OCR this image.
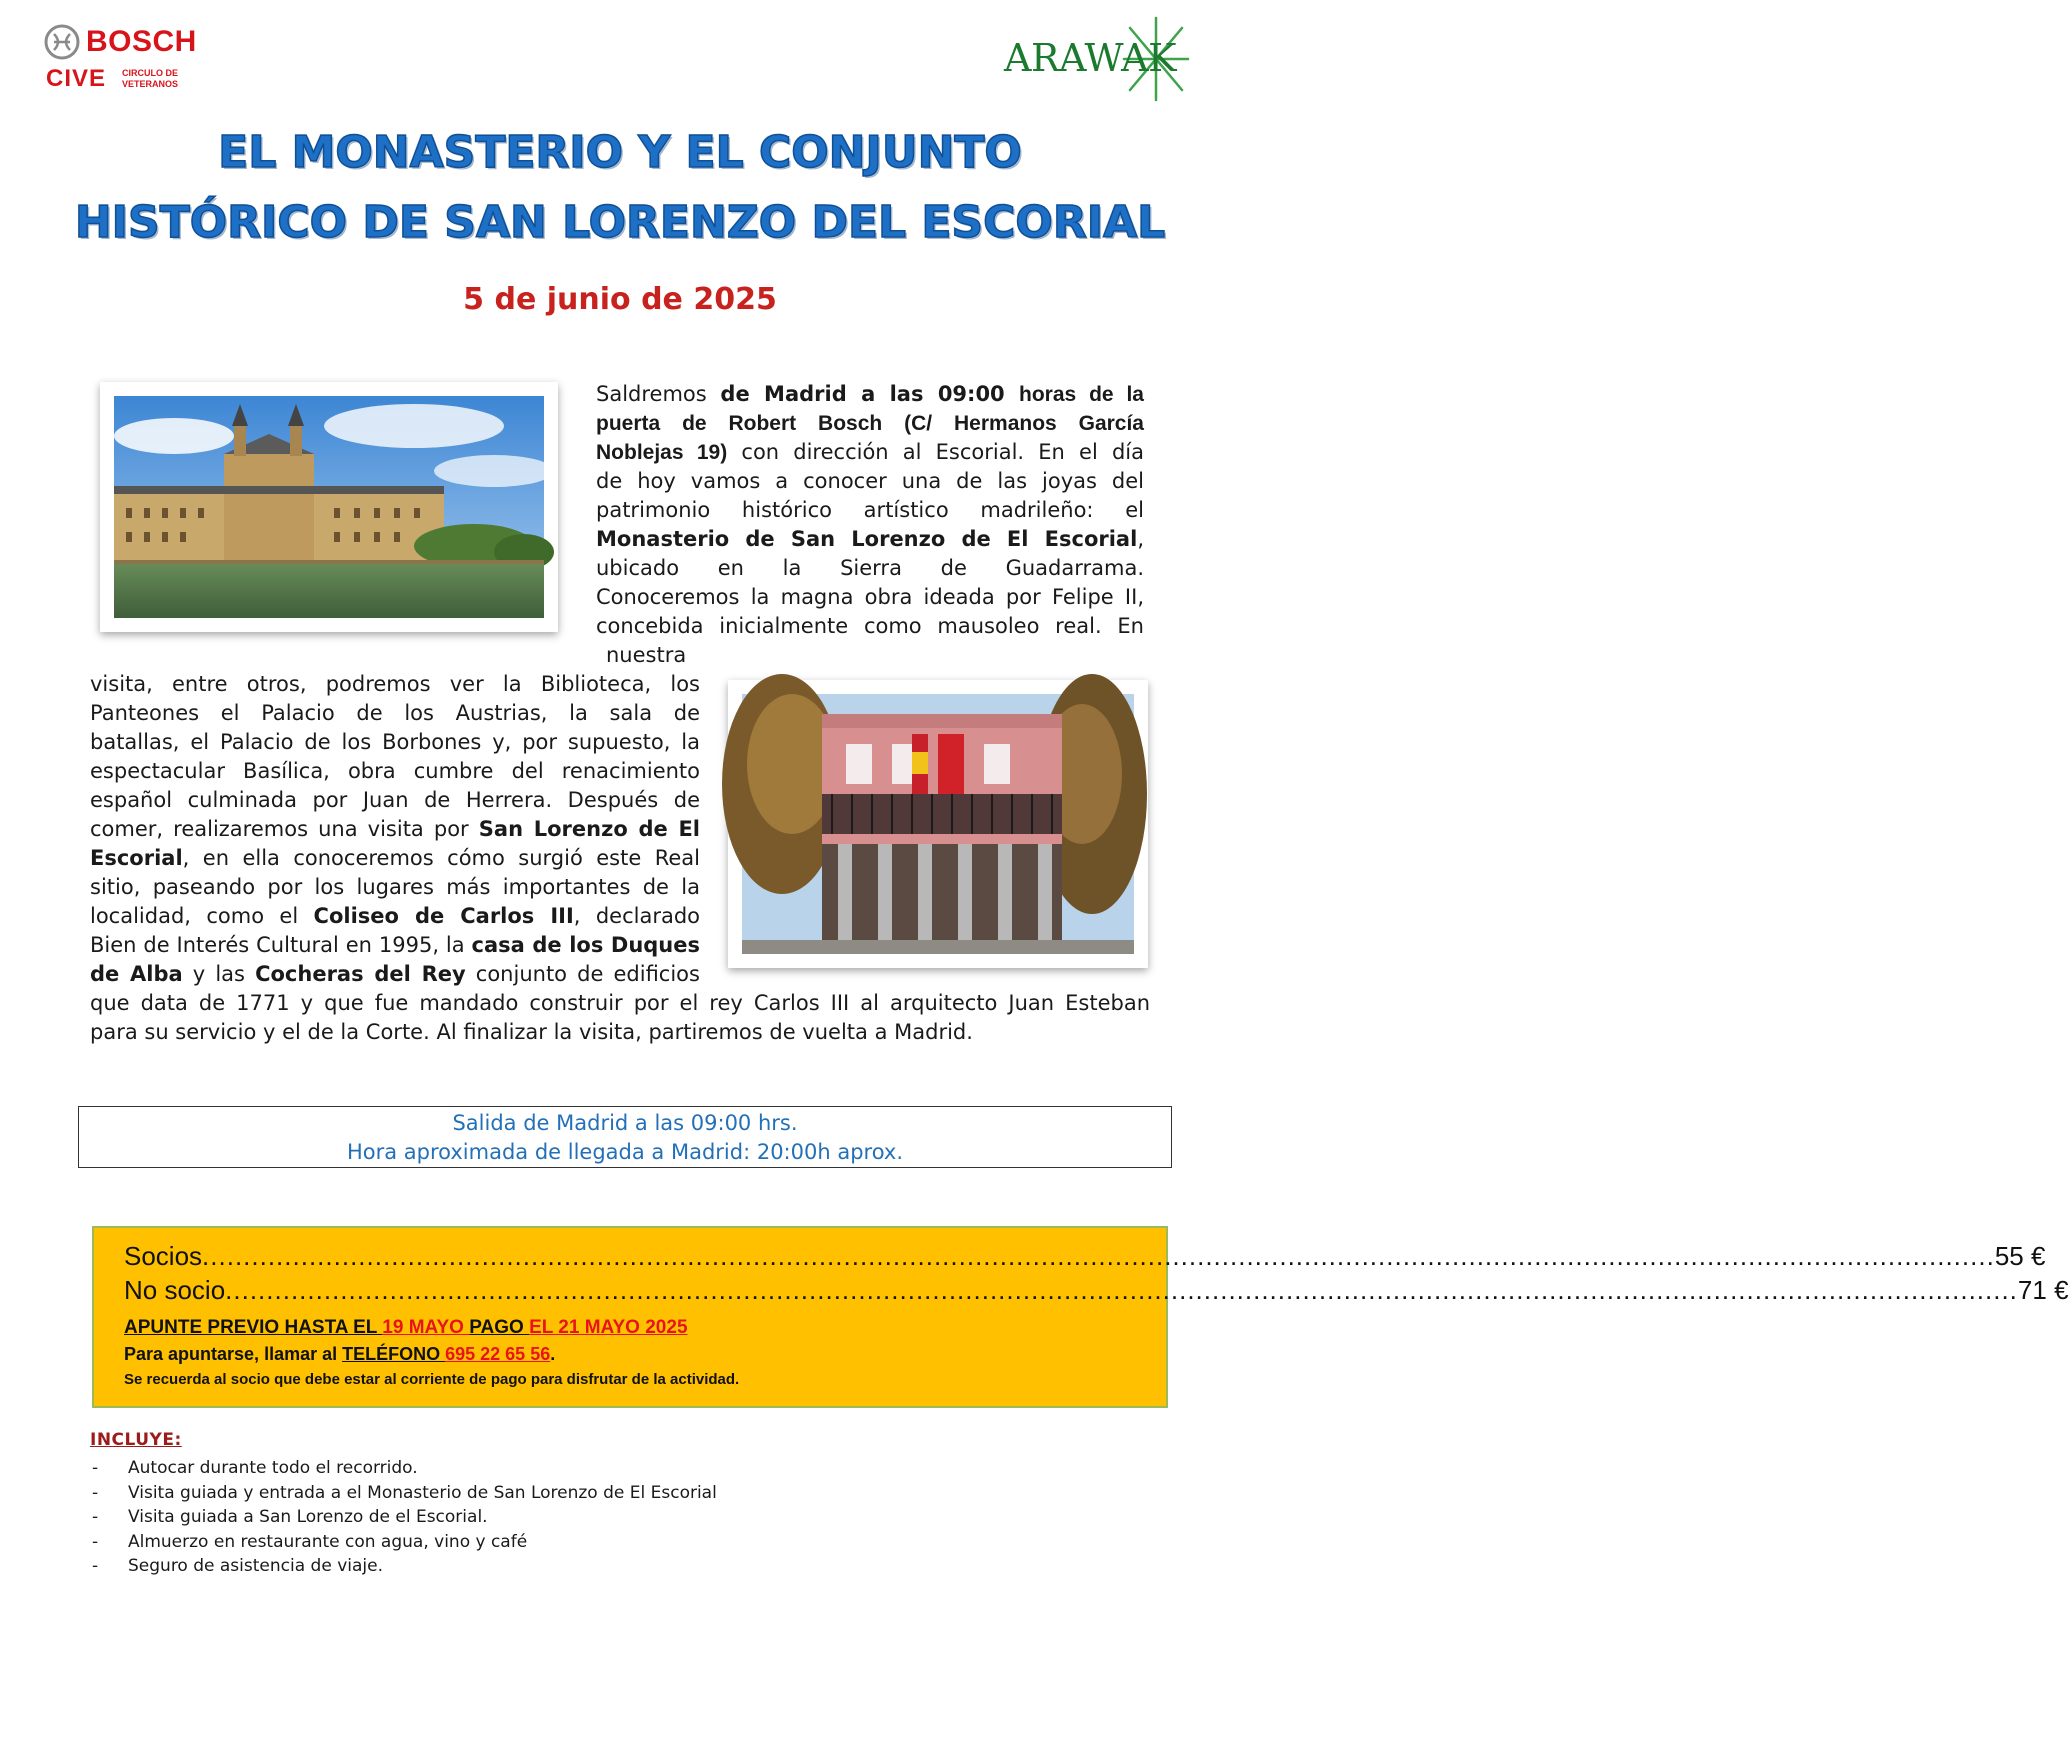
BOSCH
CIVE CIRCULO DE
VETERANOS
ARAWAK
EL MONASTERIO Y EL CONJUNTO
HISTÓRICO DE SAN LORENZO DEL ESCORIAL
5 de junio de 2025
Saldremos de Madrid a las 09:00 horas de la
puerta de Robert Bosch (C/ Hermanos García
Noblejas 19) con dirección al Escorial. En el día
de hoy vamos a conocer una de las joyas del
patrimonio histórico artístico madrileño: el
Monasterio de San Lorenzo de El Escorial,
ubicado en la Sierra de Guadarrama.
Conoceremos la magna obra ideada por Felipe II,
concebida inicialmente como mausoleo real. En
nuestra
visita, entre otros, podremos ver la Biblioteca, los
Panteones el Palacio de los Austrias, la sala de
batallas, el Palacio de los Borbones y, por supuesto, la
espectacular Basílica, obra cumbre del renacimiento
español culminada por Juan de Herrera. Después de
comer, realizaremos una visita por San Lorenzo de El
Escorial, en ella conoceremos cómo surgió este Real
sitio, paseando por los lugares más importantes de la
localidad, como el Coliseo de Carlos III, declarado
Bien de Interés Cultural en 1995, la casa de los Duques
de Alba y las Cocheras del Rey conjunto de edificios
que data de 1771 y que fue mandado construir por el rey Carlos III al arquitecto Juan Esteban
para su servicio y el de la Corte. Al finalizar la visita, partiremos de vuelta a Madrid.
Salida de Madrid a las 09:00 hrs.
Hora aproximada de llegada a Madrid: 20:00h aprox.
Socios .......................................................................................................................................................................................................................... 55 €
No socio .......................................................................................................................................................................................................................... 71 €
APUNTE PREVIO HASTA EL 19 MAYO PAGO EL 21 MAYO 2025
Para apuntarse, llamar al TELÉFONO 695 22 65 56.
Se recuerda al socio que debe estar al corriente de pago para disfrutar de la actividad.
INCLUYE:
- Autocar durante todo el recorrido.
- Visita guiada y entrada a el Monasterio de San Lorenzo de El Escorial
- Visita guiada a San Lorenzo de el Escorial.
- Almuerzo en restaurante con agua, vino y café
- Seguro de asistencia de viaje.
